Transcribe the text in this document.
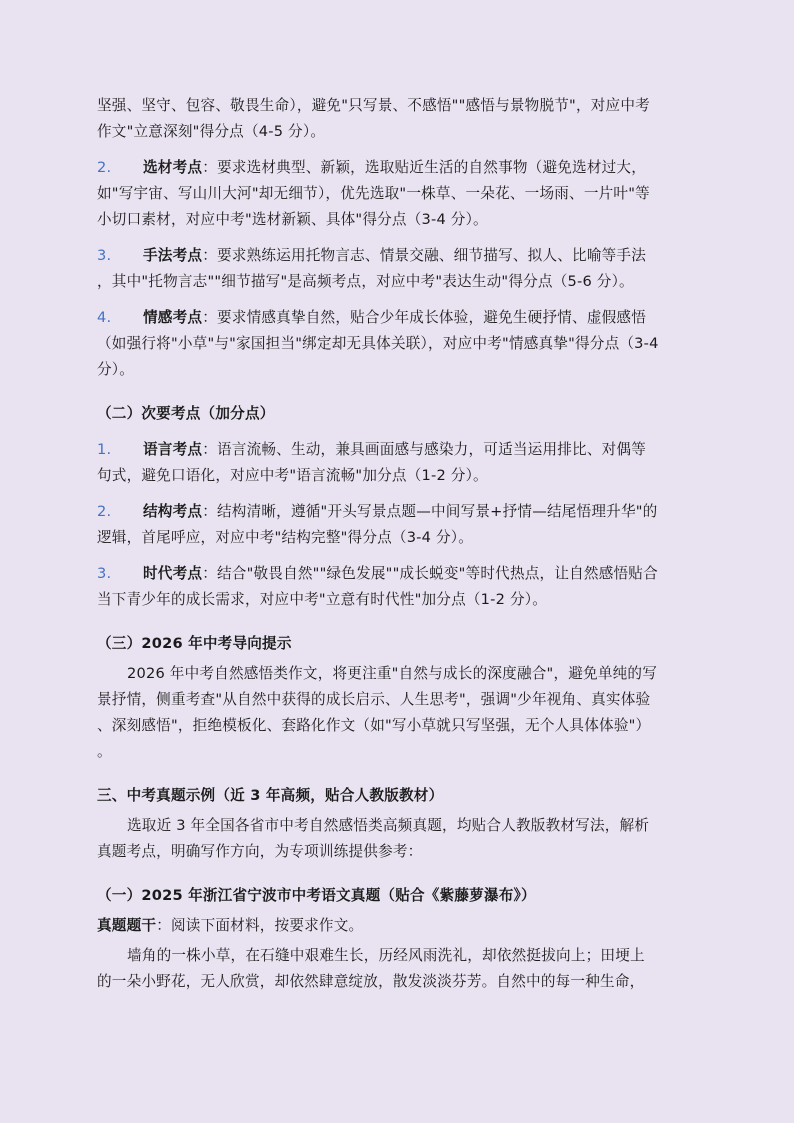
坚强、坚守、包容、敬畏生命），避免"只写景、不感悟""感悟与景物脱节"，对应中考
作文"立意深刻"得分点（4-5 分）。
2. 选材考点：要求选材典型、新颖，选取贴近生活的自然事物（避免选材过大，
如"写宇宙、写山川大河"却无细节），优先选取"一株草、一朵花、一场雨、一片叶"等
小切口素材，对应中考"选材新颖、具体"得分点（3-4 分）。
3. 手法考点：要求熟练运用托物言志、情景交融、细节描写、拟人、比喻等手法
，其中"托物言志""细节描写"是高频考点，对应中考"表达生动"得分点（5-6 分）。
4. 情感考点：要求情感真挚自然，贴合少年成长体验，避免生硬抒情、虚假感悟
（如强行将"小草"与"家国担当"绑定却无具体关联），对应中考"情感真挚"得分点（3-4
分）。
（二）次要考点（加分点）
1. 语言考点：语言流畅、生动，兼具画面感与感染力，可适当运用排比、对偶等
句式，避免口语化，对应中考"语言流畅"加分点（1-2 分）。
2. 结构考点：结构清晰，遵循"开头写景点题—中间写景+抒情—结尾悟理升华"的
逻辑，首尾呼应，对应中考"结构完整"得分点（3-4 分）。
3. 时代考点：结合"敬畏自然""绿色发展""成长蜕变"等时代热点，让自然感悟贴合
当下青少年的成长需求，对应中考"立意有时代性"加分点（1-2 分）。
（三）2026 年中考导向提示
2026 年中考自然感悟类作文，将更注重"自然与成长的深度融合"，避免单纯的写
景抒情，侧重考查"从自然中获得的成长启示、人生思考"，强调"少年视角、真实体验
、深刻感悟"，拒绝模板化、套路化作文（如"写小草就只写坚强，无个人具体体验"）
。
三、中考真题示例（近 3 年高频，贴合人教版教材）
选取近 3 年全国各省市中考自然感悟类高频真题，均贴合人教版教材写法，解析
真题考点，明确写作方向，为专项训练提供参考：
（一）2025 年浙江省宁波市中考语文真题（贴合《紫藤萝瀑布》）
真题题干：阅读下面材料，按要求作文。
墙角的一株小草，在石缝中艰难生长，历经风雨洗礼，却依然挺拔向上；田埂上
的一朵小野花，无人欣赏，却依然肆意绽放，散发淡淡芬芳。自然中的每一种生命，
